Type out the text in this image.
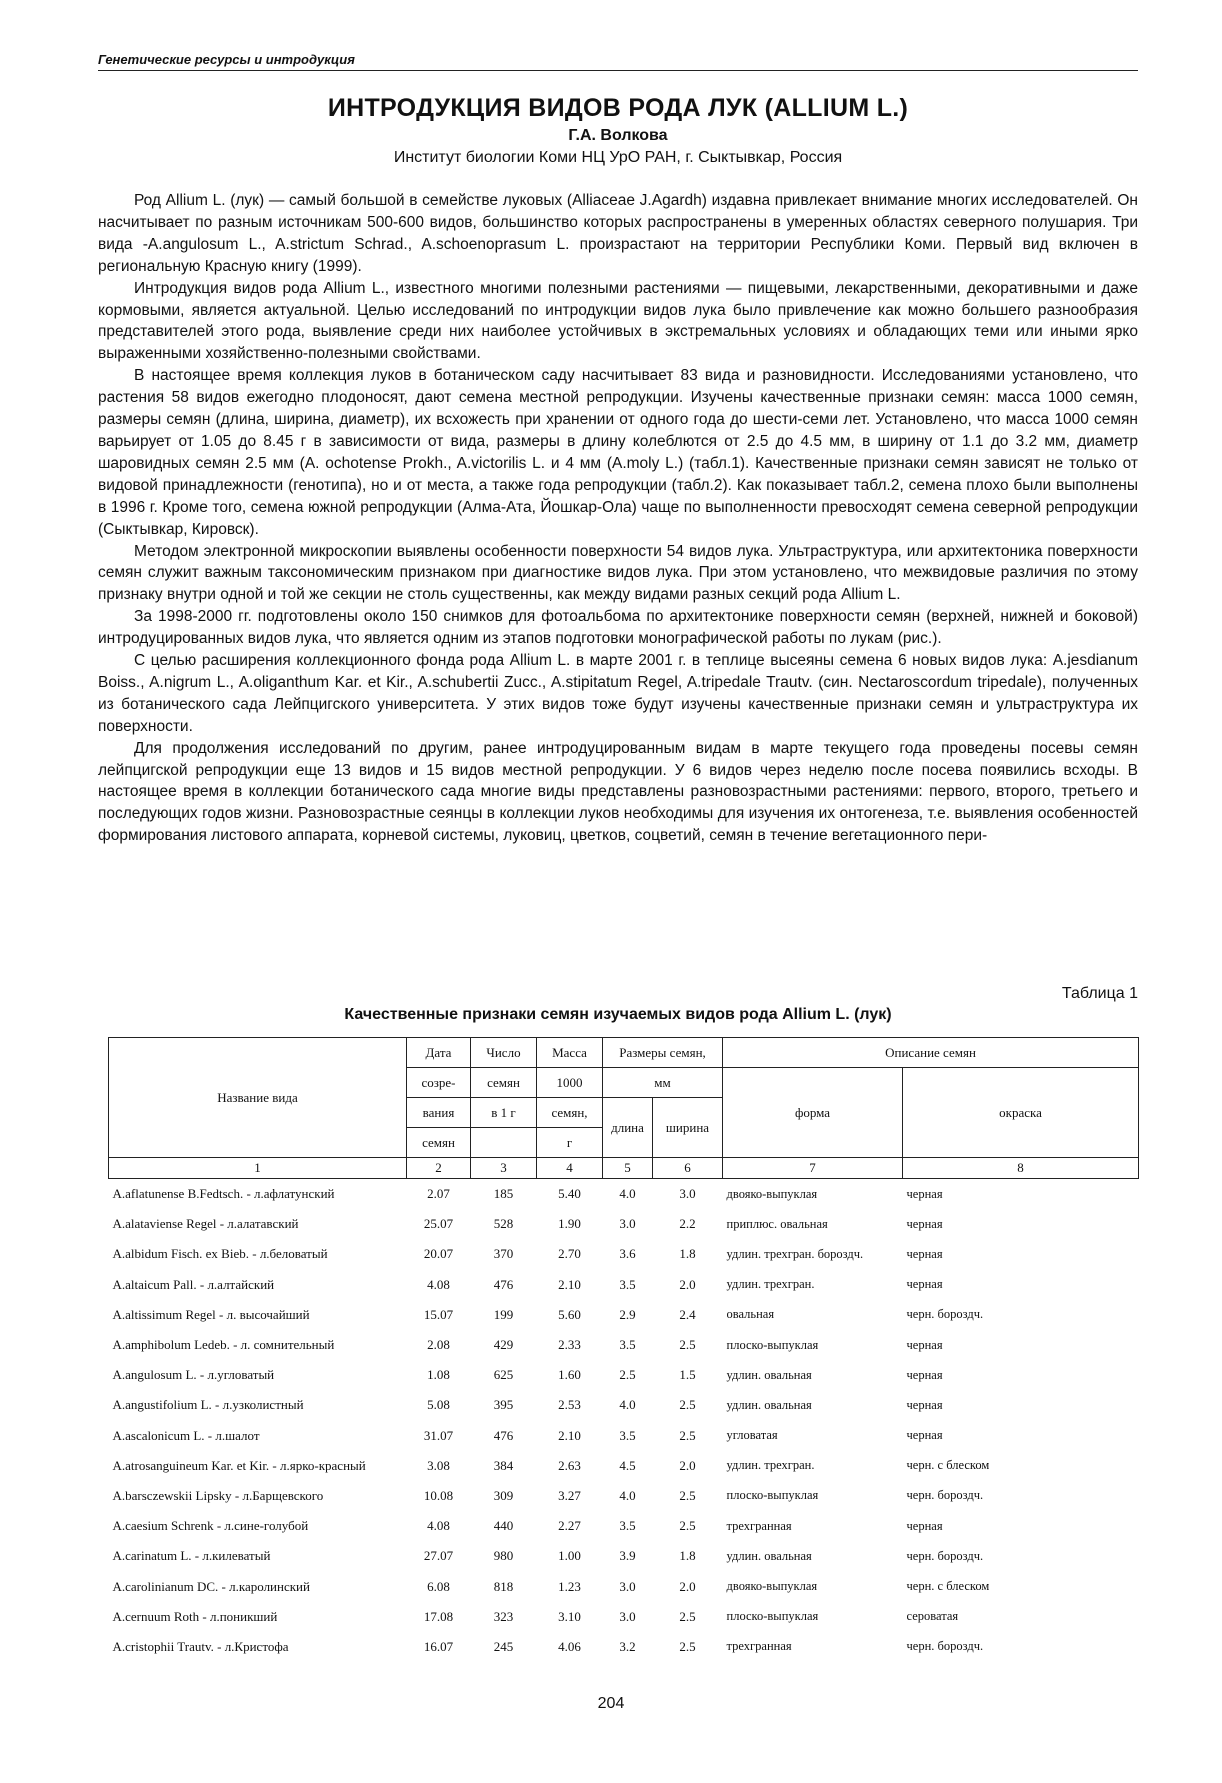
Генетические ресурсы и интродукция
ИНТРОДУКЦИЯ ВИДОВ РОДА ЛУК (ALLIUM L.)
Г.А. Волкова
Институт биологии Коми НЦ УрО РАН, г. Сыктывкар, Россия

Род Allium L. (лук) — самый большой в семействе луковых (Alliaceae J.Agardh) издавна привлекает внимание многих исследователей. Он насчитывает по разным источникам 500-600 видов, большинство которых распространены в умеренных областях северного полушария. Три вида -A.angulosum L., A.strictum Schrad., A.schoenoprasum L. произрастают на территории Республики Коми. Первый вид включен в региональную Красную книгу (1999).

Интродукция видов рода Allium L., известного многими полезными растениями — пищевыми, лекарственными, декоративными и даже кормовыми, является актуальной. Целью исследований по интродукции видов лука было привлечение как можно большего разнообразия представителей этого рода, выявление среди них наиболее устойчивых в экстремальных условиях и обладающих теми или иными ярко выраженными хозяйственно-полезными свойствами.

В настоящее время коллекция луков в ботаническом саду насчитывает 83 вида и разновидности. Исследованиями установлено, что растения 58 видов ежегодно плодоносят, дают семена местной репродукции. Изучены качественные признаки семян: масса 1000 семян, размеры семян (длина, ширина, диаметр), их всхожесть при хранении от одного года до шести-семи лет. Установлено, что масса 1000 семян варьирует от 1.05 до 8.45 г в зависимости от вида, размеры в длину колеблются от 2.5 до 4.5 мм, в ширину от 1.1 до 3.2 мм, диаметр шаровидных семян 2.5 мм (A. ochotense Prokh., A.victorilis L. и 4 мм (A.moly L.) (табл.1). Качественные признаки семян зависят не только от видовой принадлежности (генотипа), но и от места, а также года репродукции (табл.2). Как показывает табл.2, семена плохо были выполнены в 1996 г. Кроме того, семена южной репродукции (Алма-Ата, Йошкар-Ола) чаще по выполненности превосходят семена северной репродукции (Сыктывкар, Кировск).

Методом электронной микроскопии выявлены особенности поверхности 54 видов лука. Ультраструктура, или архитектоника поверхности семян служит важным таксономическим признаком при диагностике видов лука. При этом установлено, что межвидовые различия по этому признаку внутри одной и той же секции не столь существенны, как между видами разных секций рода Allium L.

За 1998-2000 гг. подготовлены около 150 снимков для фотоальбома по архитектонике поверхности семян (верхней, нижней и боковой) интродуцированных видов лука, что является одним из этапов подготовки монографической работы по лукам (рис.).

С целью расширения коллекционного фонда рода Allium L. в марте 2001 г. в теплице высеяны семена 6 новых видов лука: A.jesdianum Boiss., A.nigrum L., A.oliganthum Kar. et Kir., A.schubertii Zucc., A.stipitatum Regel, A.tripedale Trautv. (син. Nectaroscordum tripedale), полученных из ботанического сада Лейпцигского университета. У этих видов тоже будут изучены качественные признаки семян и ультраструктура их поверхности.

Для продолжения исследований по другим, ранее интродуцированным видам в марте текущего года проведены посевы семян лейпцигской репродукции еще 13 видов и 15 видов местной репродукции. У 6 видов через неделю после посева появились всходы. В настоящее время в коллекции ботанического сада многие виды представлены разновозрастными растениями: первого, второго, третьего и последующих годов жизни. Разновозрастные сеянцы в коллекции луков необходимы для изучения их онтогенеза, т.е. выявления особенностей формирования листового аппарата, корневой системы, луковиц, цветков, соцветий, семян в течение вегетационного пери-

Таблица 1
Качественные признаки семян изучаемых видов рода Allium L. (лук)
Название вида	Дата	Число	Масса	Размеры семян,		Описание семян	
	созре-	семян	1000	мм		форма	окраска
	вания	в 1 г	семян,	длина	ширина		
	семян		г				
1	2	3	4	5	6	7	8
A.aflatunense B.Fedtsch. - л.афлатунский	2.07	185	5.40	4.0	3.0	двояко-выпуклая	черная
A.alataviense Regel - л.алатавский	25.07	528	1.90	3.0	2.2	приплюс. овальная	черная
A.albidum Fisch. ex Bieb. - л.беловатый	20.07	370	2.70	3.6	1.8	удлин. трехгран. бороздч.	черная
A.altaicum Pall. - л.алтайский	4.08	476	2.10	3.5	2.0	удлин. трехгран.	черная
A.altissimum Regel - л. высочайший	15.07	199	5.60	2.9	2.4	овальная	черн. бороздч.
A.amphibolum Ledeb. - л. сомнительный	2.08	429	2.33	3.5	2.5	плоско-выпуклая	черная
A.angulosum L. - л.угловатый	1.08	625	1.60	2.5	1.5	удлин. овальная	черная
A.angustifolium L. - л.узколистный	5.08	395	2.53	4.0	2.5	удлин. овальная	черная
A.ascalonicum L. - л.шалот	31.07	476	2.10	3.5	2.5	угловатая	черная
A.atrosanguineum Kar. et Kir. - л.ярко-красный	3.08	384	2.63	4.5	2.0	удлин. трехгран.	черн. с блеском
A.barsczewskii Lipsky - л.Барщевского	10.08	309	3.27	4.0	2.5	плоско-выпуклая	черн. бороздч.
A.caesium Schrenk - л.сине-голубой	4.08	440	2.27	3.5	2.5	трехгранная	черная
A.carinatum L. - л.килеватый	27.07	980	1.00	3.9	1.8	удлин. овальная	черн. бороздч.
A.carolinianum DC. - л.каролинский	6.08	818	1.23	3.0	2.0	двояко-выпуклая	черн. с блеском
A.cernuum Roth - л.поникший	17.08	323	3.10	3.0	2.5	плоско-выпуклая	сероватая
A.cristophii Trautv. - л.Кристофа	16.07	245	4.06	3.2	2.5	трехгранная	черн. бороздч.
204
